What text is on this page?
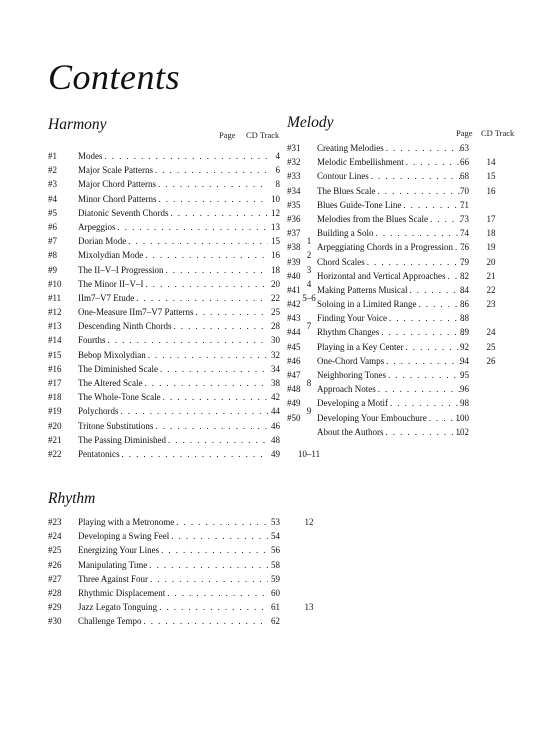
Contents
Harmony
Page CD Track
#1	Modes . . .	4
#2	Major Scale Patterns . . .	6
#3	Major Chord Patterns . . .	8
#4	Minor Chord Patterns . . .	10
#5	Diatonic Seventh Chords . . .	12
#6	Arpeggios . . .	13
#7	Dorian Mode . . .	15	1
#8	Mixolydian Mode . . .	16	2
#9	The II–V–I Progression . . .	18	3
#10	The Minor II–V–I . . .	20	4
#11	IIm7–V7 Etude . . .	22	5–6
#12	One-Measure IIm7–V7 Patterns . . .	25
#13	Descending Ninth Chords . . .	28	7
#14	Fourths . . .	30
#15	Bebop Mixolydian . . .	32
#16	The Diminished Scale . . .	34
#17	The Altered Scale . . .	38	8
#18	The Whole-Tone Scale . . .	42
#19	Polychords . . .	44	9
#20	Tritone Substitutions . . .	46
#21	The Passing Diminished . . .	48
#22	Pentatonics . . .	49	10–11
Rhythm
#23	Playing with a Metronome . . .	53	12
#24	Developing a Swing Feel . . .	54
#25	Energizing Your Lines . . .	56
#26	Manipulating Time . . .	58
#27	Three Against Four . . .	59
#28	Rhythmic Displacement . . .	60
#29	Jazz Legato Tonguing . . .	61	13
#30	Challenge Tempo . . .	62
Melody
Page CD Track
#31	Creating Melodies . . .	63
#32	Melodic Embellishment . . .	66	14
#33	Contour Lines . . .	68	15
#34	The Blues Scale . . .	70	16
#35	Blues Guide-Tone Line . . .	71
#36	Melodies from the Blues Scale . . .	73	17
#37	Building a Solo . . .	74	18
#38	Arpeggiating Chords in a Progression . . . 76	19
#39	Chord Scales . . .	79	20
#40	Horizontal and Vertical Approaches . . .	82	21
#41	Making Patterns Musical . . .	84	22
#42	Soloing in a Limited Range . . .	86	23
#43	Finding Your Voice . . .	88
#44	Rhythm Changes . . .	89	24
#45	Playing in a Key Center . . .	92	25
#46	One-Chord Vamps . . .	94	26
#47	Neighboring Tones . . .	95
#48	Approach Notes . . .	96
#49	Developing a Motif . . .	98
#50	Developing Your Embouchure . . .	100
About the Authors . . .	102
